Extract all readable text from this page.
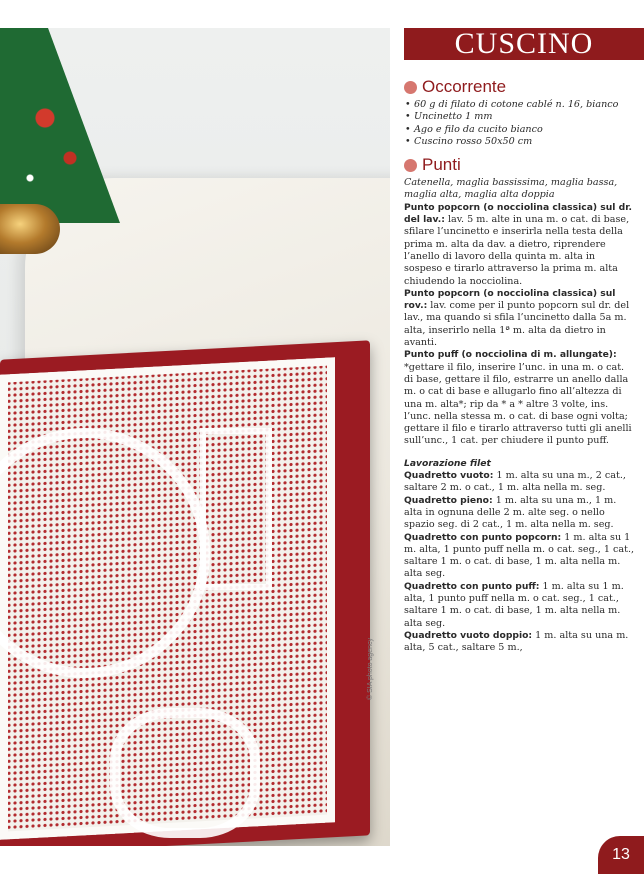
© SIA photo agency
CUSCINO
Occorrente
• 60 g di filato di cotone cablé n. 16, bianco
• Uncinetto 1 mm
• Ago e filo da cucito bianco
• Cuscino rosso 50x50 cm
Punti

Catenella, maglia bassissima, maglia bassa, maglia alta, maglia alta doppia

Punto popcorn (o nocciolina classica) sul dr. del lav.: lav. 5 m. alte in una m. o cat. di base, sfilare l’uncinetto e inserirla nella testa della prima m. alta da dav. a dietro, riprendere l’anello di lavoro della quinta m. alta in sospeso e tirarlo attraverso la prima m. alta chiudendo la nocciolina.

Punto popcorn (o nocciolina classica) sul rov.: lav. come per il punto popcorn sul dr. del lav., ma quando si sfila l’uncinetto dalla 5a m. alta, inserirlo nella 1ª m. alta da dietro in avanti.

Punto puff (o nocciolina di m. allungate): *gettare il filo, inserire l’unc. in una m. o cat. di base, gettare il filo, estrarre un anello dalla m. o cat di base e allugarlo fino all’altezza di una m. alta*; rip da * a * altre 3 volte, ins. l’unc. nella stessa m. o cat. di base ogni volta; gettare il filo e tirarlo attraverso tutti gli anelli sull’unc., 1 cat. per chiudere il punto puff.

Lavorazione filet

Quadretto vuoto: 1 m. alta su una m., 2 cat., saltare 2 m. o cat., 1 m. alta nella m. seg.

Quadretto pieno: 1 m. alta su una m., 1 m. alta in ognuna delle 2 m. alte seg. o nello spazio seg. di 2 cat., 1 m. alta nella m. seg.

Quadretto con punto popcorn: 1 m. alta su 1 m. alta, 1 punto puff nella m. o cat. seg., 1 cat., saltare 1 m. o cat. di base, 1 m. alta nella m. alta seg.

Quadretto con punto puff: 1 m. alta su 1 m. alta, 1 punto puff nella m. o cat. seg., 1 cat., saltare 1 m. o cat. di base, 1 m. alta nella m. alta seg.

Quadretto vuoto doppio: 1 m. alta su una m. alta, 5 cat., saltare 5 m.,

13
